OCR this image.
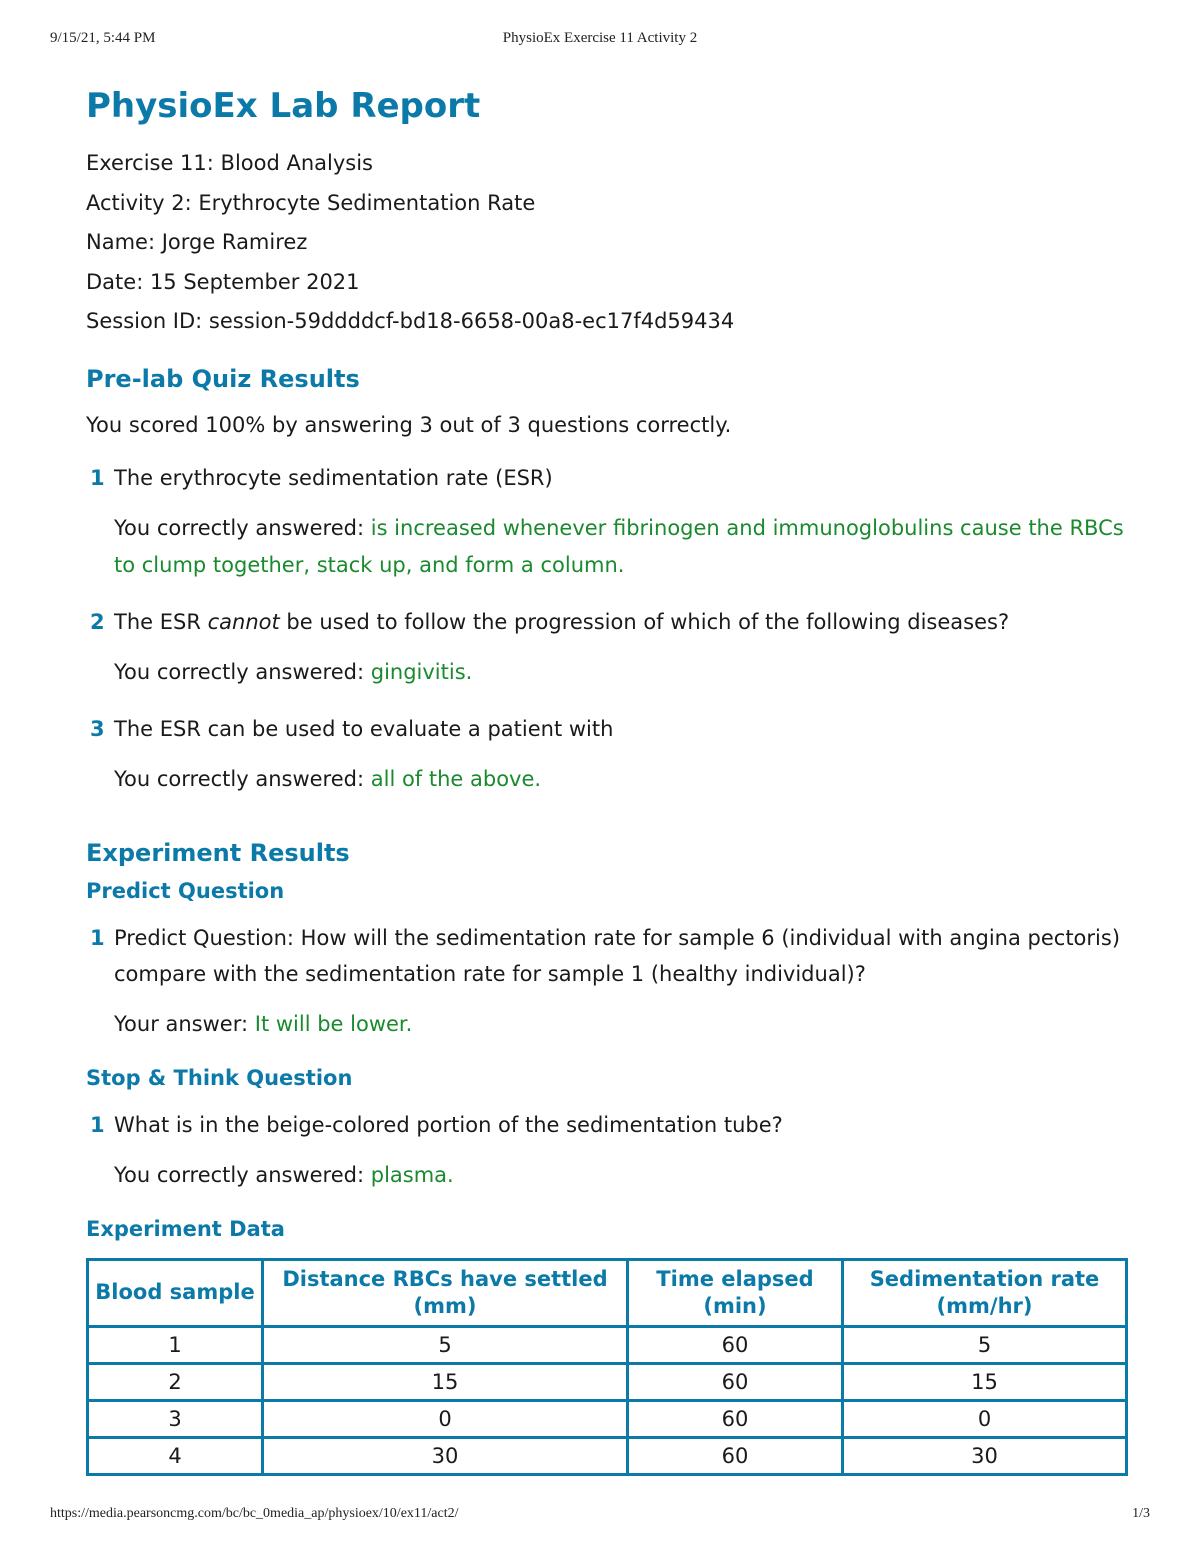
9/15/21, 5:44 PM	PhysioEx Exercise 11 Activity 2
PhysioEx Lab Report
Exercise 11: Blood Analysis
Activity 2: Erythrocyte Sedimentation Rate
Name: Jorge Ramirez
Date: 15 September 2021
Session ID: session-59ddddcf-bd18-6658-00a8-ec17f4d59434
Pre-lab Quiz Results
You scored 100% by answering 3 out of 3 questions correctly.
1 The erythrocyte sedimentation rate (ESR)
You correctly answered: is increased whenever fibrinogen and immunoglobulins cause the RBCs to clump together, stack up, and form a column.
2 The ESR cannot be used to follow the progression of which of the following diseases?
You correctly answered: gingivitis.
3 The ESR can be used to evaluate a patient with
You correctly answered: all of the above.
Experiment Results
Predict Question
1 Predict Question: How will the sedimentation rate for sample 6 (individual with angina pectoris) compare with the sedimentation rate for sample 1 (healthy individual)?
Your answer: It will be lower.
Stop & Think Question
1 What is in the beige-colored portion of the sedimentation tube?
You correctly answered: plasma.
Experiment Data
Blood sample	Distance RBCs have settled (mm)	Time elapsed (min)	Sedimentation rate (mm/hr)
1	5	60	5
2	15	60	15
3	0	60	0
4	30	60	30
https://media.pearsoncmg.com/bc/bc_0media_ap/physioex/10/ex11/act2/	1/3
